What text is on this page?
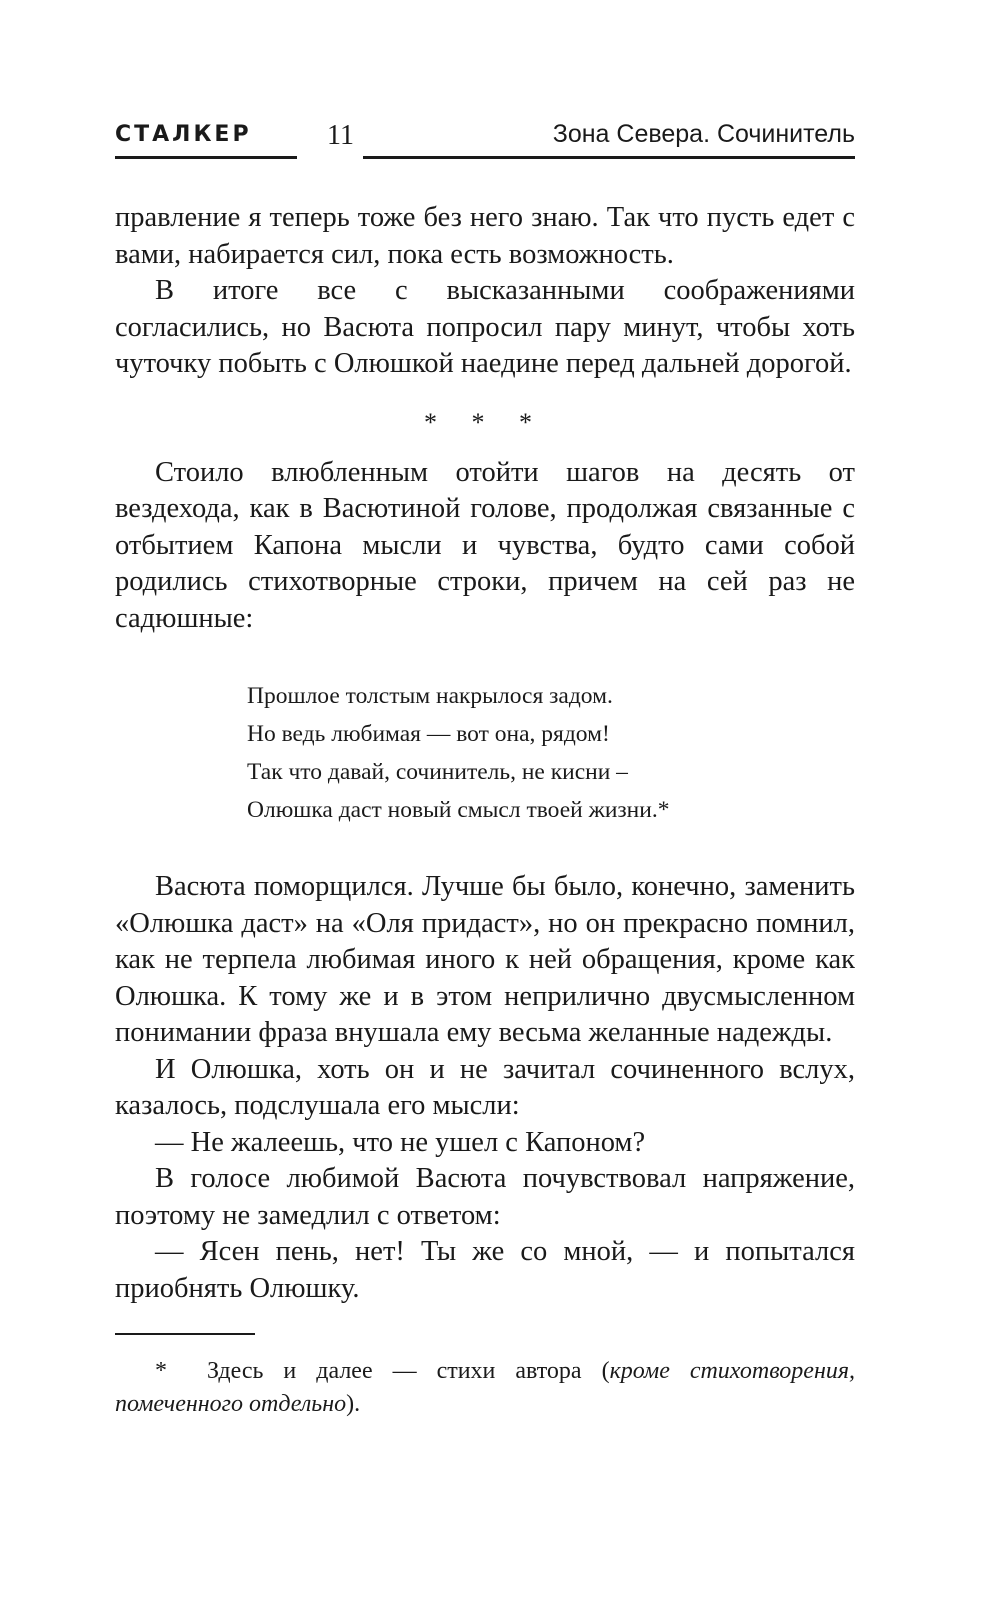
СТАЛКЕР	11	Зона Севера. Сочинитель

правление я теперь тоже без него знаю. Так что пусть едет с вами, набирается сил, пока есть возможность.

В итоге все с высказанными соображениями согласились, но Васюта попросил пару минут, чтобы хоть чуточку побыть с Олюшкой наедине перед дальней дорогой.

* * *

Стоило влюбленным отойти шагов на десять от вездехода, как в Васютиной голове, продолжая связанные с отбытием Капона мысли и чувства, будто сами собой родились стихотворные строки, причем на сей раз не садюшные:

Прошлое толстым накрылося задом.
Но ведь любимая — вот она, рядом!
Так что давай, сочинитель, не кисни –
Олюшка даст новый смысл твоей жизни.*

Васюта поморщился. Лучше бы было, конечно, заменить «Олюшка даст» на «Оля придаст», но он прекрасно помнил, как не терпела любимая иного к ней обращения, кроме как Олюшка. К тому же и в этом неприлично двусмысленном понимании фраза внушала ему весьма желанные надежды.

И Олюшка, хоть он и не зачитал сочиненного вслух, казалось, подслушала его мысли:

— Не жалеешь, что не ушел с Капоном?

В голосе любимой Васюта почувствовал напряжение, поэтому не замедлил с ответом:

— Ясен пень, нет! Ты же со мной, — и попытался приобнять Олюшку.

* Здесь и далее — стихи автора (кроме стихотворения, помеченного отдельно).
